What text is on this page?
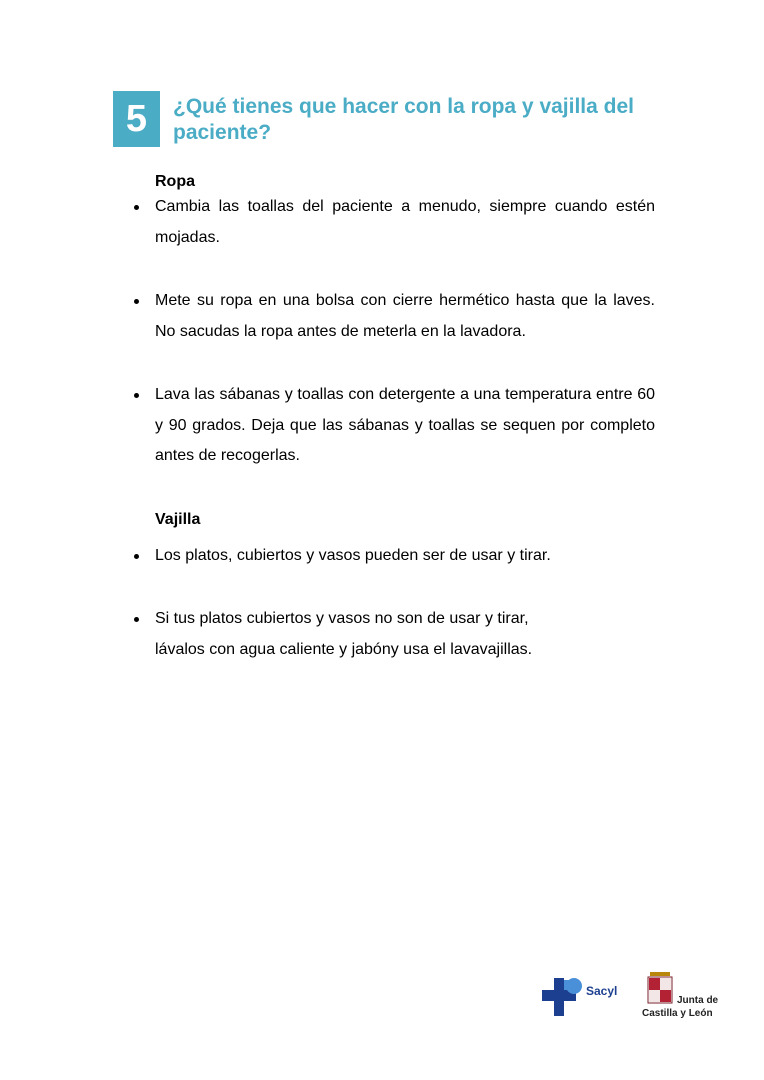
5 ¿Qué tienes que hacer con la ropa y vajilla del paciente?
Ropa
Cambia las toallas del paciente a menudo, siempre cuando estén mojadas.
Mete su ropa en una bolsa con cierre hermético hasta que la laves. No sacudas la ropa antes de meterla en la lavadora.
Lava las sábanas y toallas con detergente a una temperatura entre 60 y 90 grados. Deja que las sábanas y toallas se sequen por completo antes de recogerlas.
Vajilla
Los platos, cubiertos y vasos pueden ser de usar y tirar.
Si tus platos cubiertos y vasos no son de usar y tirar,
lávalos con agua caliente y jabóny usa el lavavajillas.
Sacyl
Junta de
Castilla y León
